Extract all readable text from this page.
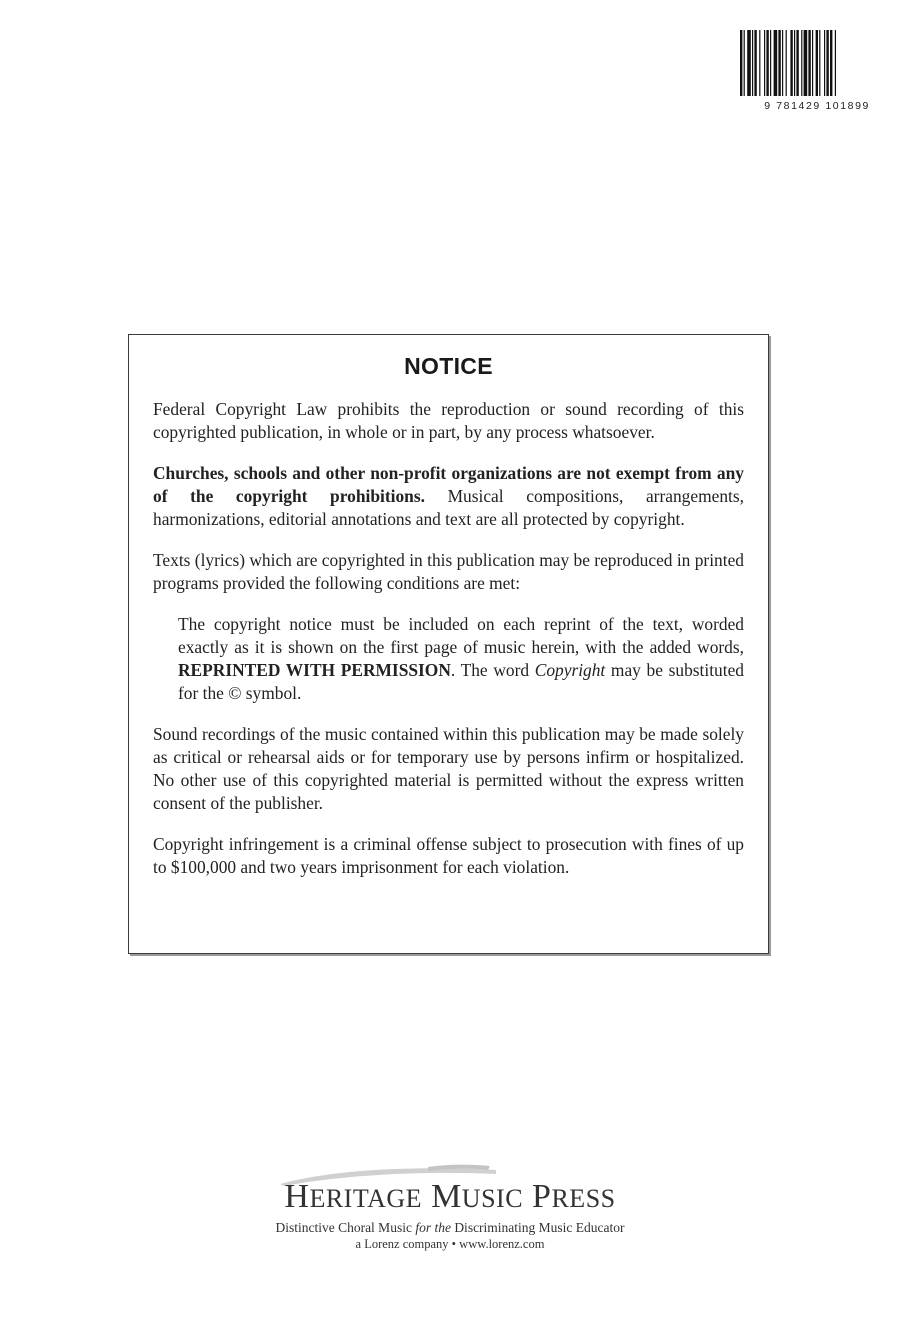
9 781429 101899
NOTICE

Federal Copyright Law prohibits the reproduction or sound recording of this copyrighted publication, in whole or in part, by any process whatsoever.

Churches, schools and other non-profit organizations are not exempt from any of the copyright prohibitions. Musical compositions, arrangements, harmonizations, editorial annotations and text are all protected by copyright.

Texts (lyrics) which are copyrighted in this publication may be reproduced in printed programs provided the following conditions are met:

The copyright notice must be included on each reprint of the text, worded exactly as it is shown on the first page of music herein, with the added words, REPRINTED WITH PERMISSION. The word Copyright may be substituted for the © symbol.

Sound recordings of the music contained within this publication may be made solely as critical or rehearsal aids or for temporary use by persons infirm or hospitalized. No other use of this copyrighted material is permitted without the express written consent of the publisher.

Copyright infringement is a criminal offense subject to prosecution with fines of up to $100,000 and two years imprisonment for each violation.

HERITAGE MUSIC PRESS
Distinctive Choral Music for the Discriminating Music Educator
a Lorenz company • www.lorenz.com
